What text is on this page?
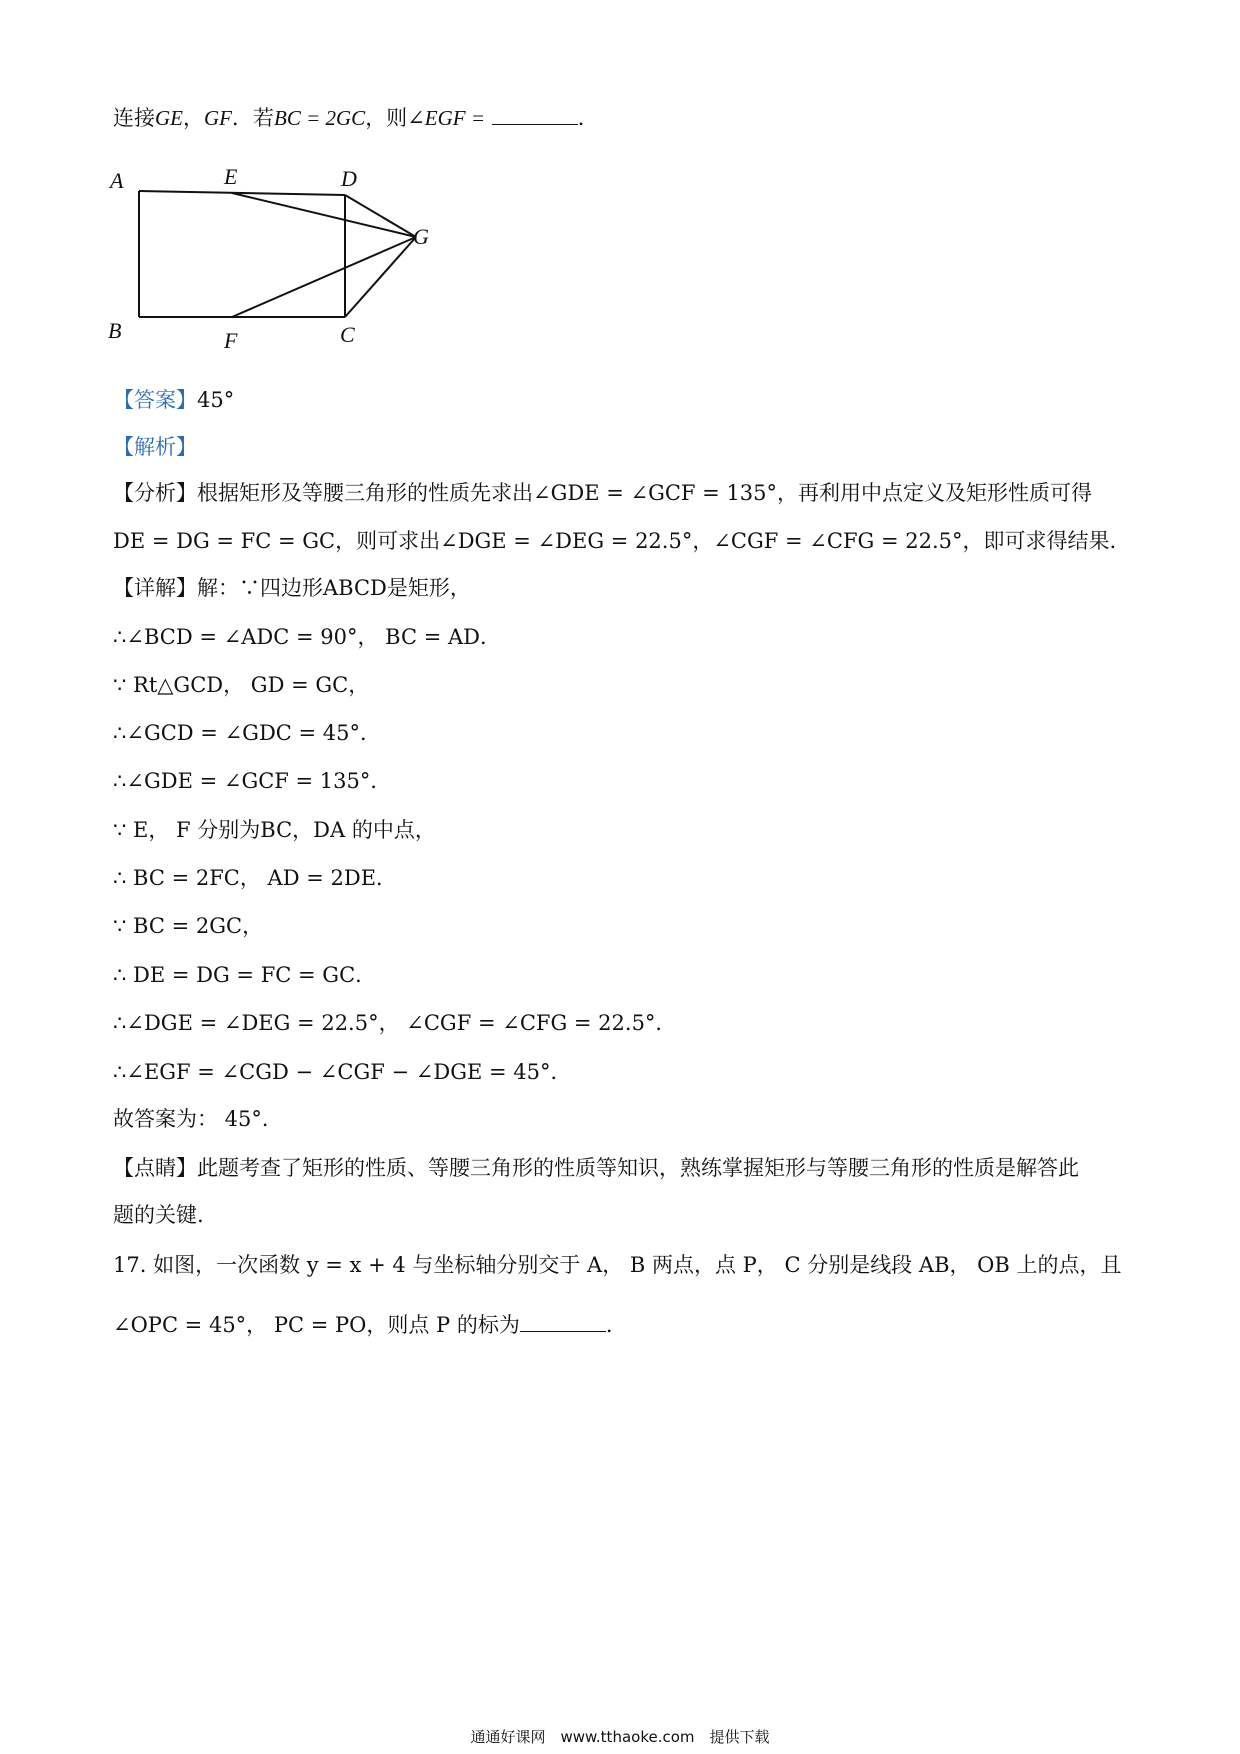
连接GE，GF．若BC = 2GC，则∠EGF =	．
A
B	C
D
E
F
G
【答案】45°
【解析】
【分析】根据矩形及等腰三角形的性质先求出∠GDE = ∠GCF = 135°，再利用中点定义及矩形性质可得
DE = DG = FC = GC，则可求出∠DGE = ∠DEG = 22.5°，∠CGF = ∠CFG = 22.5°，即可求得结果.
【详解】解：∵四边形ABCD是矩形，
∴∠BCD = ∠ADC = 90°， BC = AD．
∵ Rt△GCD， GD = GC，
∴∠GCD = ∠GDC = 45°．
∴∠GDE = ∠GCF = 135°．
∵ E， F 分别为BC，DA 的中点，
∴ BC = 2FC， AD = 2DE．
∵ BC = 2GC，
∴ DE = DG = FC = GC．
∴∠DGE = ∠DEG = 22.5°， ∠CGF = ∠CFG = 22.5°．
∴∠EGF = ∠CGD − ∠CGF − ∠DGE = 45°．
故答案为： 45°．
【点睛】此题考查了矩形的性质、等腰三角形的性质等知识，熟练掌握矩形与等腰三角形的性质是解答此
题的关键.
17. 如图，一次函数 y = x + 4 与坐标轴分别交于 A， B 两点，点 P， C 分别是线段 AB， OB 上的点，且
∠OPC = 45°， PC = PO，则点 P 的标为	.
通通好课网　www.tthaoke.com　提供下载
